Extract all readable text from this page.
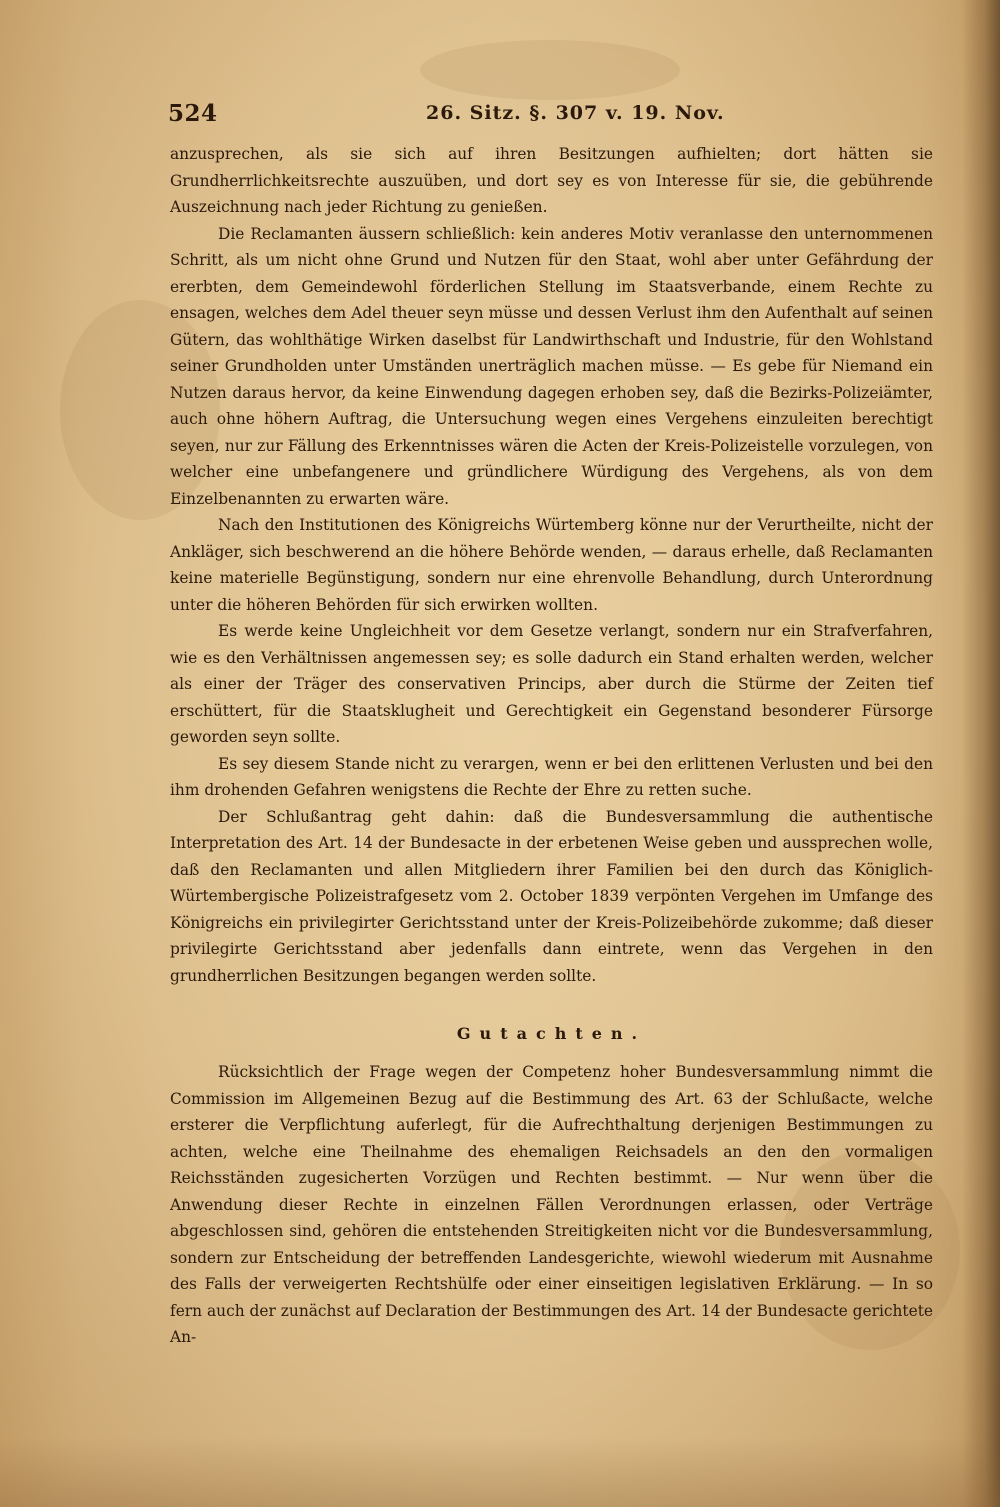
524	26. Sitz. §. 307 v. 19. Nov.

anzusprechen, als sie sich auf ihren Besitzungen aufhielten; dort hätten sie Grundherrlichkeitsrechte auszuüben, und dort sey es von Interesse für sie, die gebührende Auszeichnung nach jeder Richtung zu genießen.

Die Reclamanten äussern schließlich: kein anderes Motiv veranlasse den unternommenen Schritt, als um nicht ohne Grund und Nutzen für den Staat, wohl aber unter Gefährdung der ererbten, dem Gemeindewohl förderlichen Stellung im Staatsverbande, einem Rechte zu ensagen, welches dem Adel theuer seyn müsse und dessen Verlust ihm den Aufenthalt auf seinen Gütern, das wohlthätige Wirken daselbst für Landwirthschaft und Industrie, für den Wohlstand seiner Grundholden unter Umständen unerträglich machen müsse. — Es gebe für Niemand ein Nutzen daraus hervor, da keine Einwendung dagegen erhoben sey, daß die Bezirks-Polizeiämter, auch ohne höhern Auftrag, die Untersuchung wegen eines Vergehens einzuleiten berechtigt seyen, nur zur Fällung des Erkenntnisses wären die Acten der Kreis-Polizeistelle vorzulegen, von welcher eine unbefangenere und gründlichere Würdigung des Vergehens, als von dem Einzelbenannten zu erwarten wäre.

Nach den Institutionen des Königreichs Würtemberg könne nur der Verurtheilte, nicht der Ankläger, sich beschwerend an die höhere Behörde wenden, — daraus erhelle, daß Reclamanten keine materielle Begünstigung, sondern nur eine ehrenvolle Behandlung, durch Unterordnung unter die höheren Behörden für sich erwirken wollten.

Es werde keine Ungleichheit vor dem Gesetze verlangt, sondern nur ein Strafverfahren, wie es den Verhältnissen angemessen sey; es solle dadurch ein Stand erhalten werden, welcher als einer der Träger des conservativen Princips, aber durch die Stürme der Zeiten tief erschüttert, für die Staatsklugheit und Gerechtigkeit ein Gegenstand besonderer Fürsorge geworden seyn sollte.

Es sey diesem Stande nicht zu verargen, wenn er bei den erlittenen Verlusten und bei den ihm drohenden Gefahren wenigstens die Rechte der Ehre zu retten suche.

Der Schlußantrag geht dahin: daß die Bundesversammlung die authentische Interpretation des Art. 14 der Bundesacte in der erbetenen Weise geben und aussprechen wolle, daß den Reclamanten und allen Mitgliedern ihrer Familien bei den durch das Königlich-Würtembergische Polizeistrafgesetz vom 2. October 1839 verpönten Vergehen im Umfange des Königreichs ein privilegirter Gerichtsstand unter der Kreis-Polizeibehörde zukomme; daß dieser privilegirte Gerichtsstand aber jedenfalls dann eintrete, wenn das Vergehen in den grundherrlichen Besitzungen begangen werden sollte.

Gutachten.

Rücksichtlich der Frage wegen der Competenz hoher Bundesversammlung nimmt die Commission im Allgemeinen Bezug auf die Bestimmung des Art. 63 der Schlußacte, welche ersterer die Verpflichtung auferlegt, für die Aufrechthaltung derjenigen Bestimmungen zu achten, welche eine Theilnahme des ehemaligen Reichsadels an den den vormaligen Reichsständen zugesicherten Vorzügen und Rechten bestimmt. — Nur wenn über die Anwendung dieser Rechte in einzelnen Fällen Verordnungen erlassen, oder Verträge abgeschlossen sind, gehören die entstehenden Streitigkeiten nicht vor die Bundesversammlung, sondern zur Entscheidung der betreffenden Landesgerichte, wiewohl wiederum mit Ausnahme des Falls der verweigerten Rechtshülfe oder einer einseitigen legislativen Erklärung. — In so fern auch der zunächst auf Declaration der Bestimmungen des Art. 14 der Bundesacte gerichtete An-
